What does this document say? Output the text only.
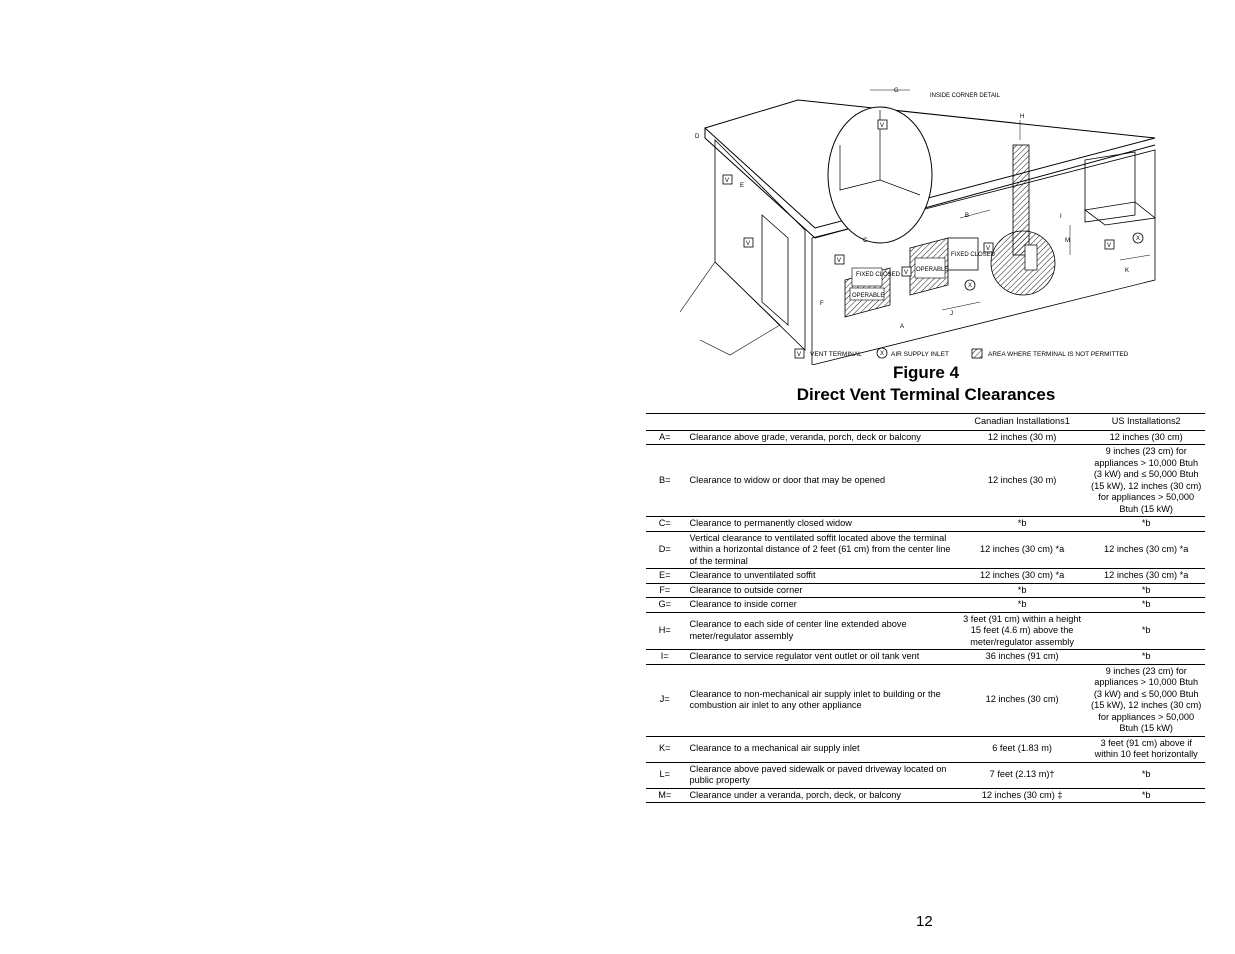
V
V
V	V
V
V
V
X
X
INSIDE CORNER DETAIL
FIXED CLOSED
OPERABLE
OPERABLE
FIXED CLOSED
A
B
C
D
E
F
G
H
I
J
K
M
V VENT TERMINAL	X AIR SUPPLY INLET	AREA WHERE TERMINAL IS NOT PERMITTED
Figure 4
Direct Vent Terminal Clearances
		Canadian Installations1	US Installations2
A=	Clearance above grade, veranda, porch, deck or balcony	12 inches (30 m)	12 inches (30 cm)
B=	Clearance to widow or door that may be opened	12 inches (30 m)	9 inches (23 cm) for appliances > 10,000 Btuh (3 kW) and ≤ 50,000 Btuh (15 kW), 12 inches (30 cm) for appliances > 50,000 Btuh (15 kW)
C=	Clearance to permanently closed widow	*b	*b
D=	Vertical clearance to ventilated soffit located above the terminal within a horizontal distance of 2 feet (61 cm) from the center line of the terminal	12 inches (30 cm) *a	12 inches (30 cm) *a
E=	Clearance to unventilated soffit	12 inches (30 cm) *a	12 inches (30 cm) *a
F=	Clearance to outside corner	*b	*b
G=	Clearance to inside corner	*b	*b
H=	Clearance to each side of center line extended above meter/regulator assembly	3 feet (91 cm) within a height 15 feet (4.6 m) above the meter/regulator assembly	*b
I=	Clearance to service regulator vent outlet or oil tank vent	36 inches (91 cm)	*b
J=	Clearance to non-mechanical air supply inlet to building or the combustion air inlet to any other appliance	12 inches (30 cm)	9 inches (23 cm) for appliances > 10,000 Btuh (3 kW) and ≤ 50,000 Btuh (15 kW), 12 inches (30 cm) for appliances > 50,000 Btuh (15 kW)
K=	Clearance to a mechanical air supply inlet	6 feet (1.83 m)	3 feet (91 cm) above if within 10 feet horizontally
L=	Clearance above paved sidewalk or paved driveway located on public property	7 feet (2.13 m)†	*b
M=	Clearance under a veranda, porch, deck, or balcony	12 inches (30 cm) ‡	*b
12
